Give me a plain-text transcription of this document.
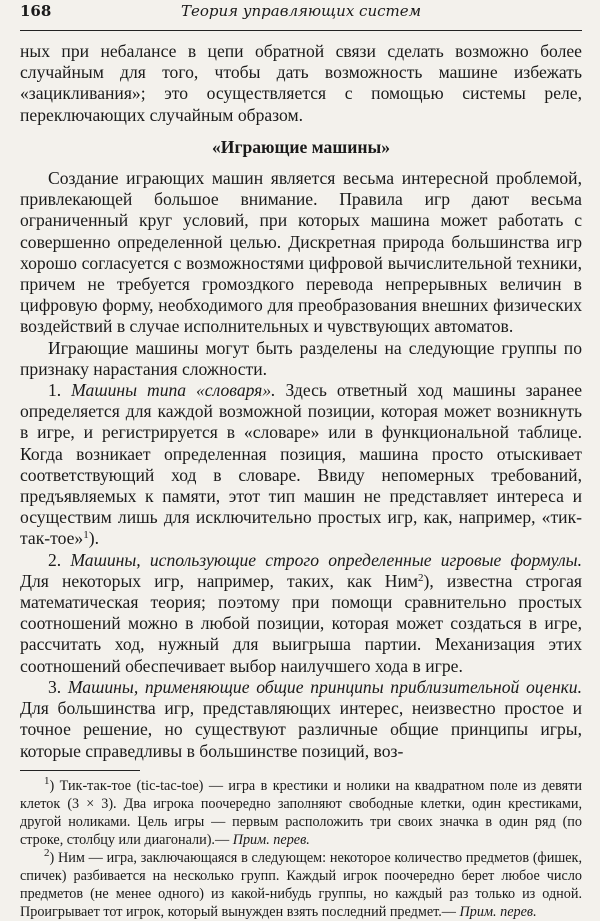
168	Теория управляющих систем

ных при небалансе в цепи обратной связи сделать возможно более случайным для того, чтобы дать возможность машине избежать «зацикливания»; это осуществляется с помощью системы реле, переключающих случайным образом.

«Играющие машины»

Создание играющих машин является весьма интересной проблемой, привлекающей большое внимание. Правила игр дают весьма ограниченный круг условий, при которых машина может работать с совершенно определенной целью. Дискретная природа большинства игр хорошо согласуется с возможностями цифровой вычислительной техники, причем не требуется громоздкого перевода непрерывных величин в цифровую форму, необходимого для преобразования внешних физических воздействий в случае исполнительных и чувствующих автоматов.

Играющие машины могут быть разделены на следующие группы по признаку нарастания сложности.

1. Машины типа «словаря». Здесь ответный ход машины заранее определяется для каждой возможной позиции, которая может возникнуть в игре, и регистрируется в «словаре» или в функциональной таблице. Когда возникает определенная позиция, машина просто отыскивает соответствующий ход в словаре. Ввиду непомерных требований, предъявляемых к памяти, этот тип машин не представляет интереса и осуществим лишь для исключительно простых игр, как, например, «тик-так-тое»$^1$).

2. Машины, использующие строго определенные игровые формулы. Для некоторых игр, например, таких, как Ним$^2$), известна строгая математическая теория; поэтому при помощи сравнительно простых соотношений можно в любой позиции, которая может создаться в игре, рассчитать ход, нужный для выигрыша партии. Механизация этих соотношений обеспечивает выбор наилучшего хода в игре.

3. Машины, применяющие общие принципы приблизительной оценки. Для большинства игр, представляющих интерес, неизвестно простое и точное решение, но существуют различные общие принципы игры, которые справедливы в большинстве позиций, воз-

$^1$) Тик-так-тое (tic-tac-toe) — игра в крестики и нолики на квадратном поле из девяти клеток (3 × 3). Два игрока поочередно заполняют свободные клетки, один крестиками, другой ноликами. Цель игры — первым расположить три своих значка в один ряд (по строке, столбцу или диагонали).— Прим. перев.

$^2$) Ним — игра, заключающаяся в следующем: некоторое количество предметов (фишек, спичек) разбивается на несколько групп. Каждый игрок поочередно берет любое число предметов (не менее одного) из какой-нибудь группы, но каждый раз только из одной. Проигрывает тот игрок, который вынужден взять последний предмет.— Прим. перев.
